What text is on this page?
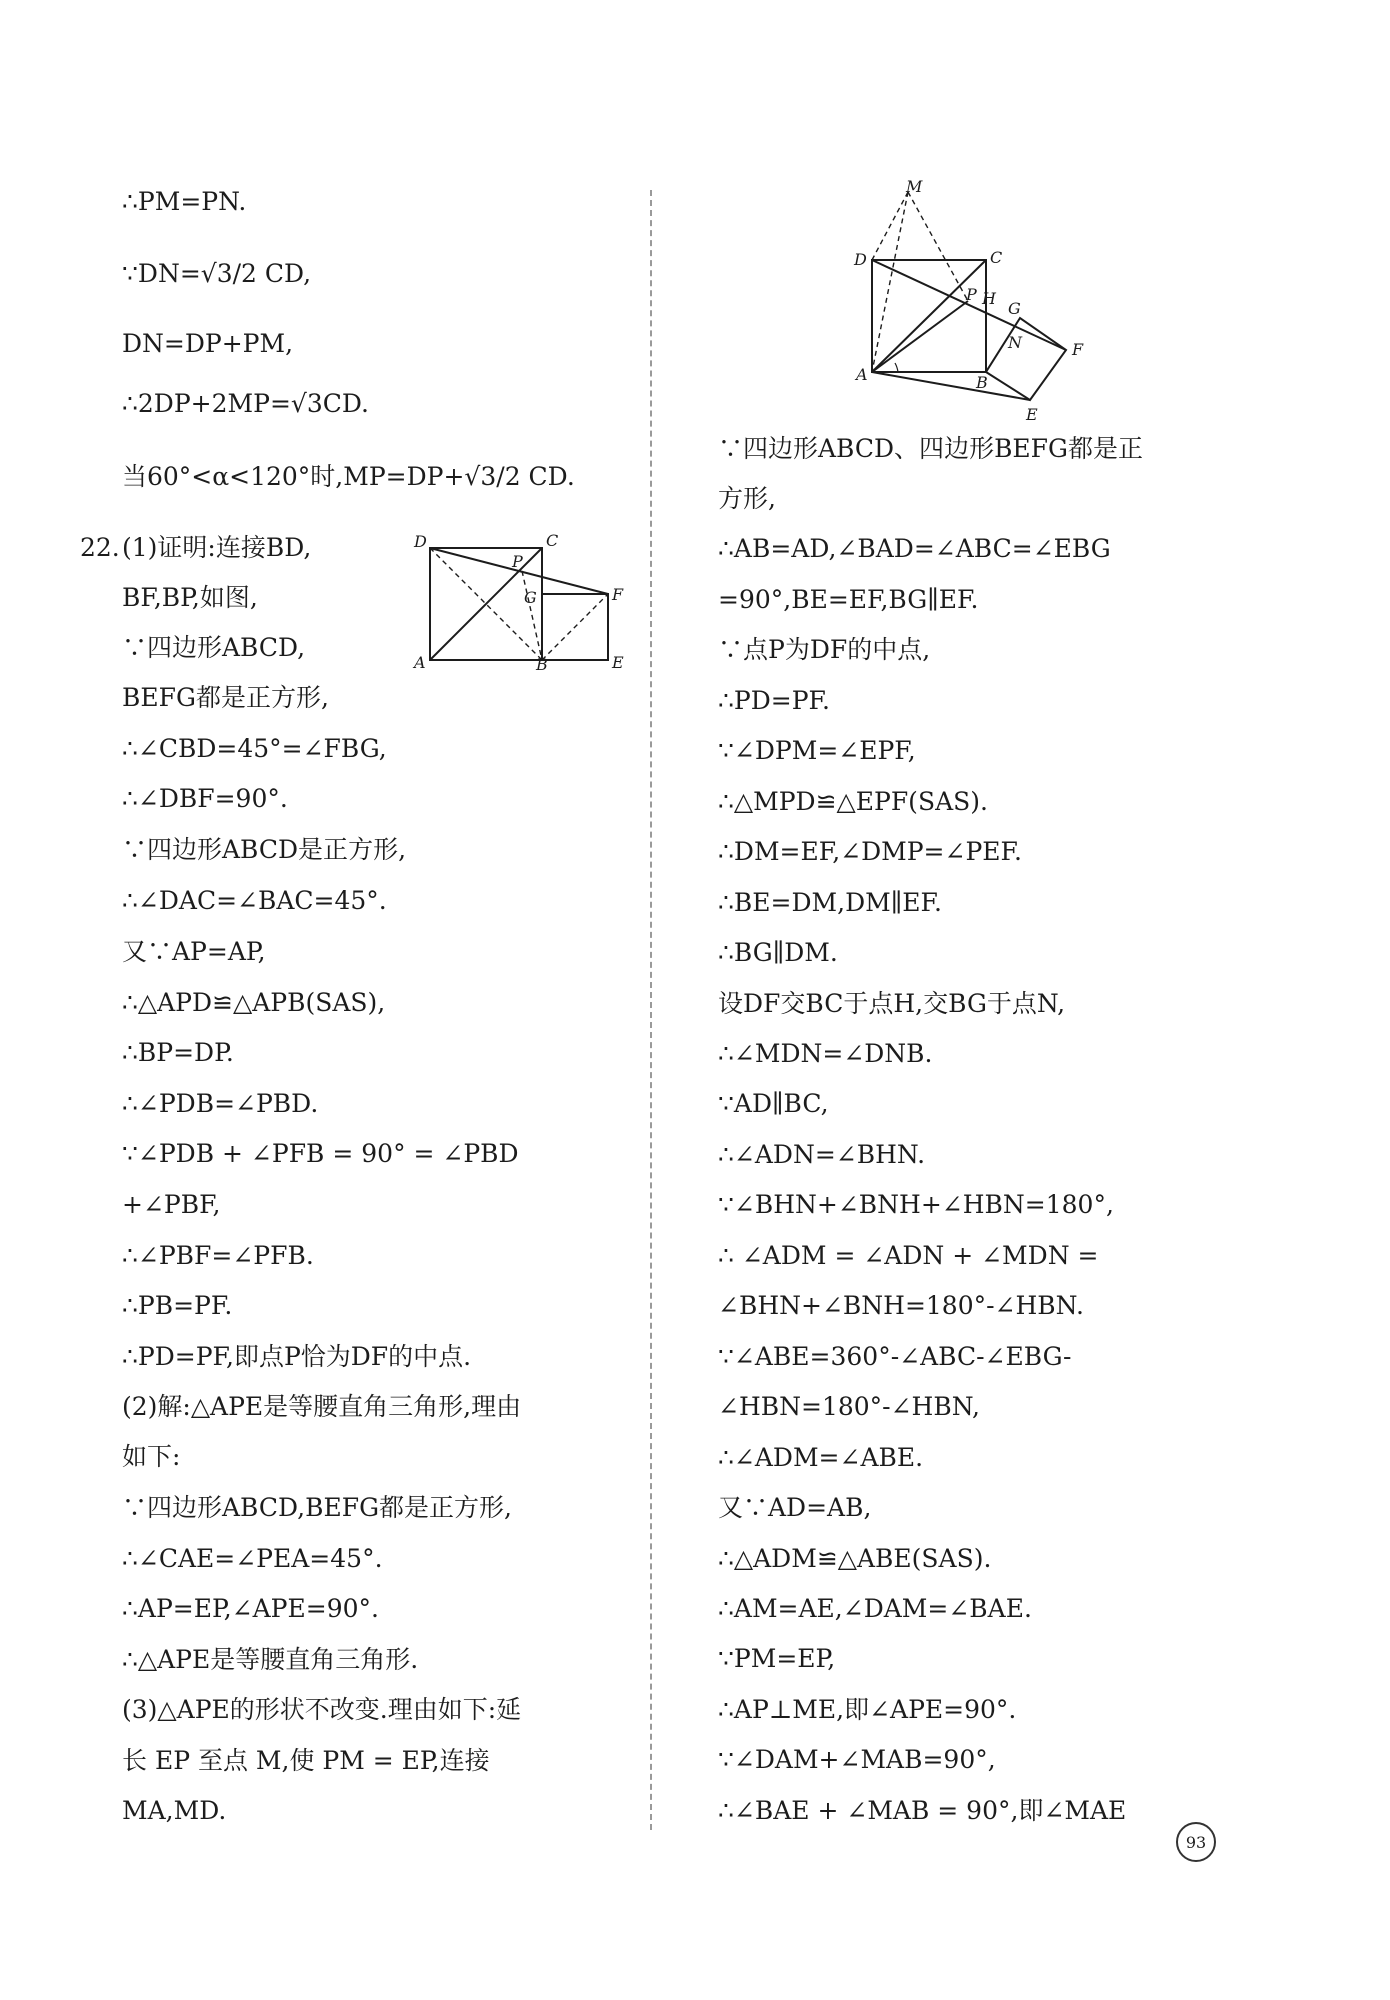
∴PM=PN.
∵DN=√3/2 CD,
DN=DP+PM,
∴2DP+2MP=√3CD.
当60°<α<120°时,MP=DP+√3/2 CD.
22. (1)证明:连接BD,
BF,BP,如图,
∵四边形ABCD,
BEFG都是正方形,
∴∠CBD=45°=∠FBG,
∴∠DBF=90°.
∵四边形ABCD是正方形,
∴∠DAC=∠BAC=45°.
又∵AP=AP,
∴△APD≌△APB(SAS),
∴BP=DP.
∴∠PDB=∠PBD.
∵∠PDB + ∠PFB = 90° = ∠PBD
+∠PBF,
∴∠PBF=∠PFB.
∴PB=PF.
∴PD=PF,即点P恰为DF的中点.
(2)解:△APE是等腰直角三角形,理由
如下:
∵四边形ABCD,BEFG都是正方形,
∴∠CAE=∠PEA=45°.
∴AP=EP,∠APE=90°.
∴△APE是等腰直角三角形.
(3)△APE的形状不改变.理由如下:延
长 EP 至点 M,使 PM = EP,连接
MA,MD.
D	C
P
G	F
A	B	E
M
D	C
P H
G
N	F
A	B
E
∵四边形ABCD、四边形BEFG都是正
方形,
∴AB=AD,∠BAD=∠ABC=∠EBG
=90°,BE=EF,BG∥EF.
∵点P为DF的中点,
∴PD=PF.
∵∠DPM=∠EPF,
∴△MPD≌△EPF(SAS).
∴DM=EF,∠DMP=∠PEF.
∴BE=DM,DM∥EF.
∴BG∥DM.
设DF交BC于点H,交BG于点N,
∴∠MDN=∠DNB.
∵AD∥BC,
∴∠ADN=∠BHN.
∵∠BHN+∠BNH+∠HBN=180°,
∴ ∠ADM = ∠ADN + ∠MDN =
∠BHN+∠BNH=180°-∠HBN.
∵∠ABE=360°-∠ABC-∠EBG-
∠HBN=180°-∠HBN,
∴∠ADM=∠ABE.
又∵AD=AB,
∴△ADM≌△ABE(SAS).
∴AM=AE,∠DAM=∠BAE.
∵PM=EP,
∴AP⊥ME,即∠APE=90°.
∵∠DAM+∠MAB=90°,
∴∠BAE + ∠MAB = 90°,即∠MAE
93
